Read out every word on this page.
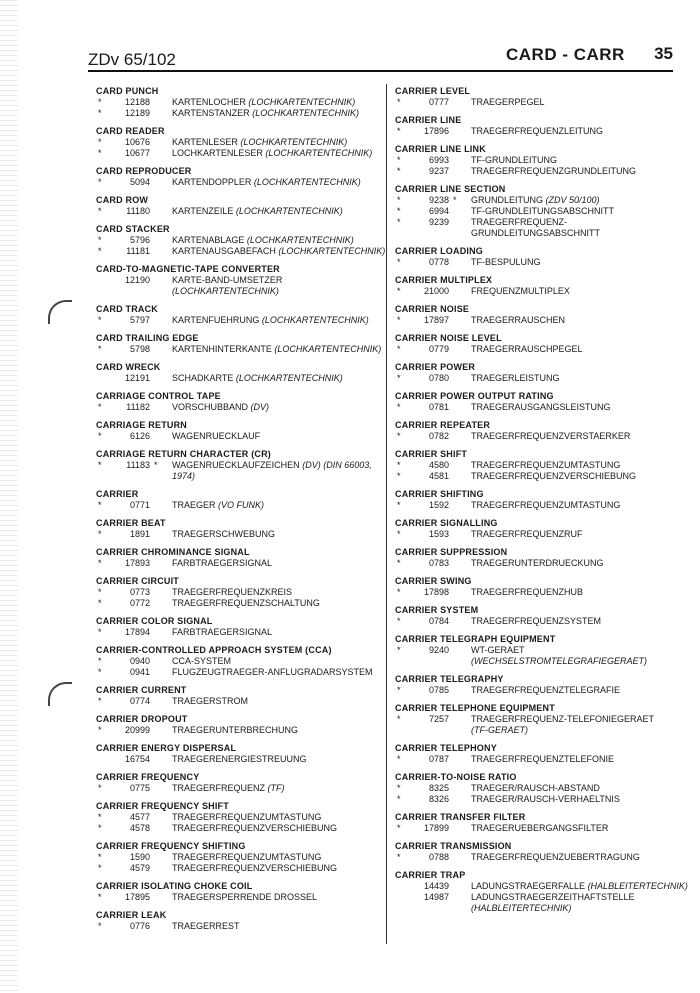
ZDv 65/102	CARD - CARR 35
CARD PUNCH
*	12188 KARTENLOCHER (LOCHKARTENTECHNIK)
*	12189 KARTENSTANZER (LOCHKARTENTECHNIK)
CARD READER
*	10676 KARTENLESER (LOCHKARTENTECHNIK)
*	10677 LOCHKARTENLESER (LOCHKARTENTECHNIK)
CARD REPRODUCER
*	5094 KARTENDOPPLER (LOCHKARTENTECHNIK)
CARD ROW
*	11180 KARTENZEILE (LOCHKARTENTECHNIK)
CARD STACKER
*	5796 KARTENABLAGE (LOCHKARTENTECHNIK)
*	11181 KARTENAUSGABEFACH (LOCHKARTENTECHNIK)
CARD-TO-MAGNETIC-TAPE CONVERTER
12190 KARTE-BAND-UMSETZER
(LOCHKARTENTECHNIK)
CARD TRACK
*	5797 KARTENFUEHRUNG (LOCHKARTENTECHNIK)
CARD TRAILING EDGE
*	5798 KARTENHINTERKANTE (LOCHKARTENTECHNIK)
CARD WRECK
12191 SCHADKARTE (LOCHKARTENTECHNIK)
CARRIAGE CONTROL TAPE
*	11182 VORSCHUBBAND (DV)
CARRIAGE RETURN
*	6126 WAGENRUECKLAUF
CARRIAGE RETURN CHARACTER (CR)
*	11183 * WAGENRUECKLAUFZEICHEN (DV) (DIN 66003,
1974)
CARRIER
*	0771 TRAEGER (VO FUNK)
CARRIER BEAT
*	1891 TRAEGERSCHWEBUNG
CARRIER CHROMINANCE SIGNAL
*	17893 FARBTRAEGERSIGNAL
CARRIER CIRCUIT
*	0773 TRAEGERFREQUENZKREIS
*	0772 TRAEGERFREQUENZSCHALTUNG
CARRIER COLOR SIGNAL
*	17894 FARBTRAEGERSIGNAL
CARRIER-CONTROLLED APPROACH SYSTEM (CCA)
*	0940 CCA-SYSTEM
*	0941 FLUGZEUGTRAEGER-ANFLUGRADARSYSTEM
CARRIER CURRENT
*	0774 TRAEGERSTROM
CARRIER DROPOUT
*	20999 TRAEGERUNTERBRECHUNG
CARRIER ENERGY DISPERSAL
16754 TRAEGERENERGIESTREUUNG
CARRIER FREQUENCY
*	0775 TRAEGERFREQUENZ (TF)
CARRIER FREQUENCY SHIFT
*	4577 TRAEGERFREQUENZUMTASTUNG
*	4578 TRAEGERFREQUENZVERSCHIEBUNG
CARRIER FREQUENCY SHIFTING
*	1590 TRAEGERFREQUENZUMTASTUNG
*	4579 TRAEGERFREQUENZVERSCHIEBUNG
CARRIER ISOLATING CHOKE COIL
*	17895 TRAEGERSPERRENDE DROSSEL
CARRIER LEAK
*	0776 TRAEGERREST
CARRIER LEVEL
*	0777 TRAEGERPEGEL
CARRIER LINE
*	17896 TRAEGERFREQUENZLEITUNG
CARRIER LINE LINK
*	6993 TF-GRUNDLEITUNG
*	9237 TRAEGERFREQUENZGRUNDLEITUNG
CARRIER LINE SECTION
*	9238 * GRUNDLEITUNG (ZDV 50/100)
*	6994 TF-GRUNDLEITUNGSABSCHNITT
*	9239 TRAEGERFREQUENZ-
GRUNDLEITUNGSABSCHNITT
CARRIER LOADING
*	0778 TF-BESPULUNG
CARRIER MULTIPLEX
*	21000 FREQUENZMULTIPLEX
CARRIER NOISE
*	17897 TRAEGERRAUSCHEN
CARRIER NOISE LEVEL
*	0779 TRAEGERRAUSCHPEGEL
CARRIER POWER
*	0780 TRAEGERLEISTUNG
CARRIER POWER OUTPUT RATING
*	0781 TRAEGERAUSGANGSLEISTUNG
CARRIER REPEATER
*	0782 TRAEGERFREQUENZVERSTAERKER
CARRIER SHIFT
*	4580 TRAEGERFREQUENZUMTASTUNG
*	4581 TRAEGERFREQUENZVERSCHIEBUNG
CARRIER SHIFTING
*	1592 TRAEGERFREQUENZUMTASTUNG
CARRIER SIGNALLING
*	1593 TRAEGERFREQUENZRUF
CARRIER SUPPRESSION
*	0783 TRAEGERUNTERDRUECKUNG
CARRIER SWING
*	17898 TRAEGERFREQUENZHUB
CARRIER SYSTEM
*	0784 TRAEGERFREQUENZSYSTEM
CARRIER TELEGRAPH EQUIPMENT
*	9240 WT-GERAET
(WECHSELSTROMTELEGRAFIEGERAET)
CARRIER TELEGRAPHY
*	0785 TRAEGERFREQUENZTELEGRAFIE
CARRIER TELEPHONE EQUIPMENT
*	7257 TRAEGERFREQUENZ-TELEFONIEGERAET
(TF-GERAET)
CARRIER TELEPHONY
*	0787 TRAEGERFREQUENZTELEFONIE
CARRIER-TO-NOISE RATIO
*	8325 TRAEGER/RAUSCH-ABSTAND
*	8326 TRAEGER/RAUSCH-VERHAELTNIS
CARRIER TRANSFER FILTER
*	17899 TRAEGERUEBERGANGSFILTER
CARRIER TRANSMISSION
*	0788 TRAEGERFREQUENZUEBERTRAGUNG
CARRIER TRAP
14439 LADUNGSTRAEGERFALLE (HALBLEITERTECHNIK)
14987 LADUNGSTRAEGERZEITHAFTSTELLE
(HALBLEITERTECHNIK)
